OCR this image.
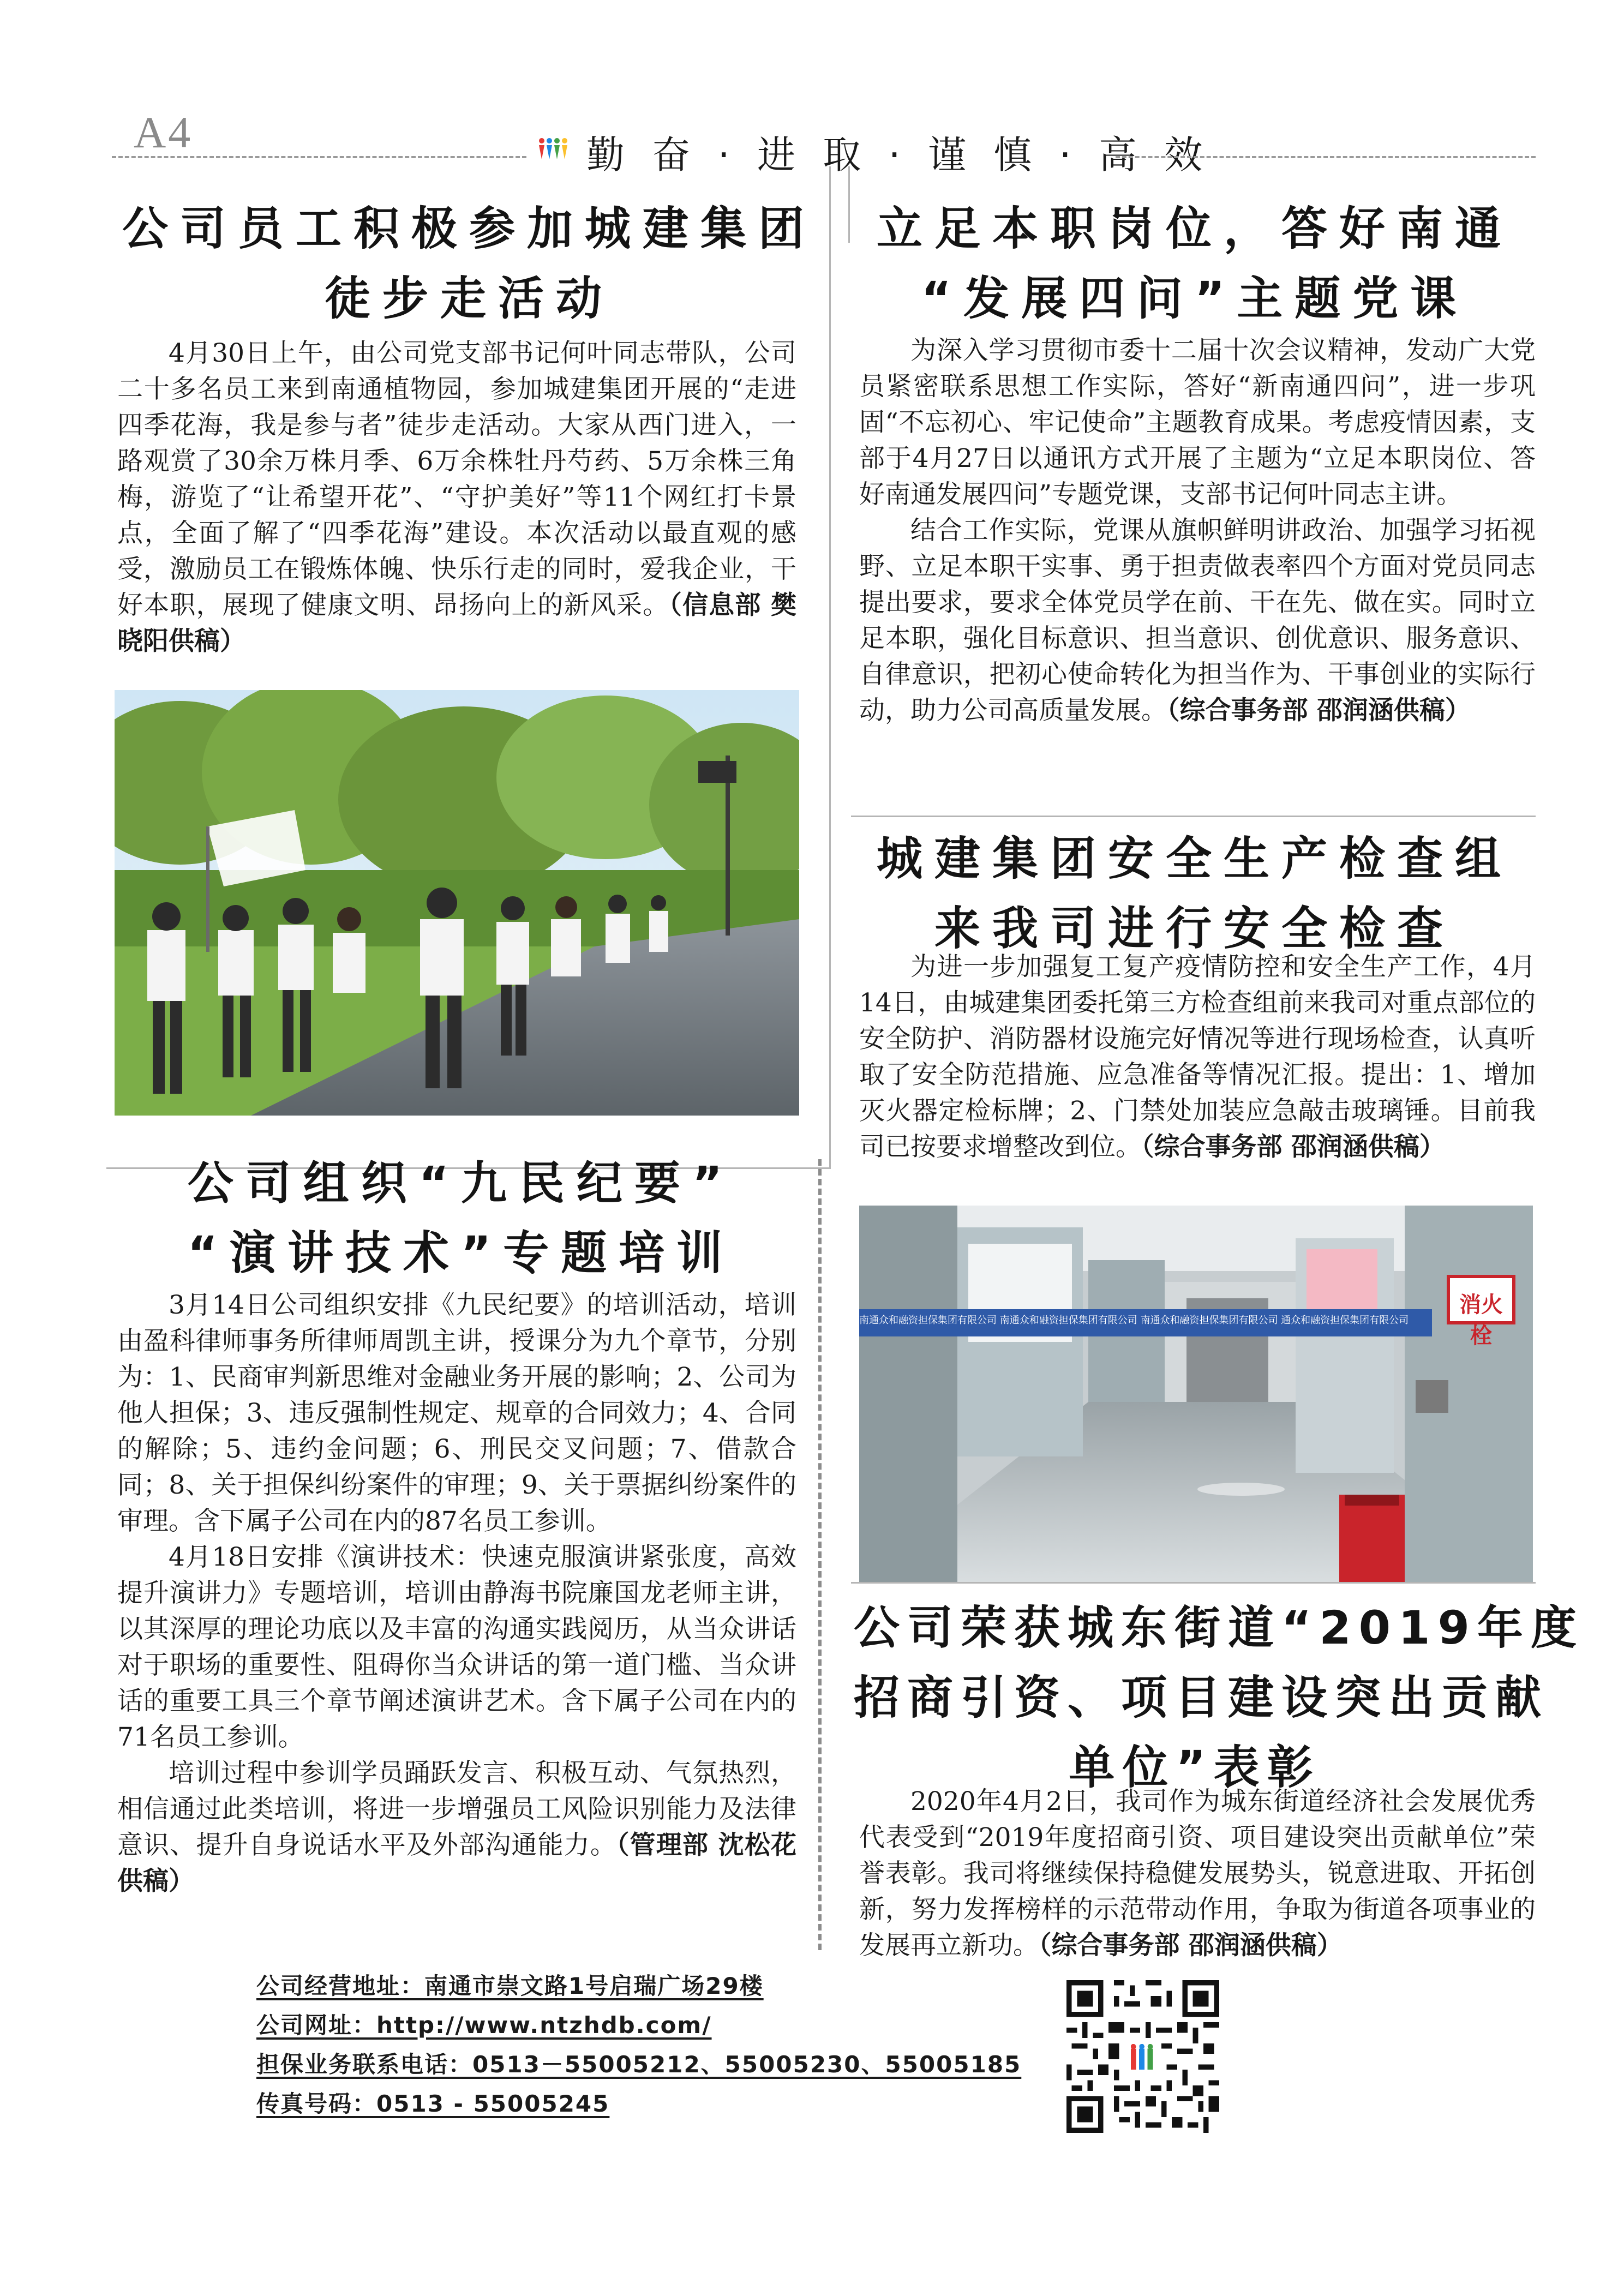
A4	勤 奋 · 进 取 · 谨 慎 · 高 效
公司员工积极参加城建集团
徒步走活动

4月30日上午，由公司党支部书记何叶同志带队，公司二十多名员工来到南通植物园，参加城建集团开展的“走进四季花海，我是参与者”徒步走活动。大家从西门进入，一路观赏了30余万株月季、6万余株牡丹芍药、5万余株三角梅，游览了“让希望开花”、“守护美好”等11个网红打卡景点，全面了解了“四季花海”建设。本次活动以最直观的感受，激励员工在锻炼体魄、快乐行走的同时，爱我企业，干好本职，展现了健康文明、昂扬向上的新风采。（信息部 樊晓阳供稿）

公司组织“九民纪要”
“演讲技术”专题培训

3月14日公司组织安排《九民纪要》的培训活动，培训由盈科律师事务所律师周凯主讲，授课分为九个章节，分别为：1、民商审判新思维对金融业务开展的影响；2、公司为他人担保；3、违反强制性规定、规章的合同效力；4、合同的解除；5、违约金问题；6、刑民交叉问题；7、借款合同；8、关于担保纠纷案件的审理；9、关于票据纠纷案件的审理。含下属子公司在内的87名员工参训。

4月18日安排《演讲技术：快速克服演讲紧张度，高效提升演讲力》专题培训，培训由静海书院廉国龙老师主讲，以其深厚的理论功底以及丰富的沟通实践阅历，从当众讲话对于职场的重要性、阻碍你当众讲话的第一道门槛、当众讲话的重要工具三个章节阐述演讲艺术。含下属子公司在内的71名员工参训。

培训过程中参训学员踊跃发言、积极互动、气氛热烈，相信通过此类培训，将进一步增强员工风险识别能力及法律意识、提升自身说话水平及外部沟通能力。（管理部 沈松花供稿）

立足本职岗位，答好南通
“发展四问”主题党课

为深入学习贯彻市委十二届十次会议精神，发动广大党员紧密联系思想工作实际，答好“新南通四问”，进一步巩固“不忘初心、牢记使命”主题教育成果。考虑疫情因素，支部于4月27日以通讯方式开展了主题为“立足本职岗位、答好南通发展四问”专题党课，支部书记何叶同志主讲。

结合工作实际，党课从旗帜鲜明讲政治、加强学习拓视野、立足本职干实事、勇于担责做表率四个方面对党员同志提出要求，要求全体党员学在前、干在先、做在实。同时立足本职，强化目标意识、担当意识、创优意识、服务意识、自律意识，把初心使命转化为担当作为、干事创业的实际行动，助力公司高质量发展。（综合事务部 邵润涵供稿）

城建集团安全生产检查组
来我司进行安全检查

为进一步加强复工复产疫情防控和安全生产工作，4月14日，由城建集团委托第三方检查组前来我司对重点部位的安全防护、消防器材设施完好情况等进行现场检查，认真听取了安全防范措施、应急准备等情况汇报。提出：1、增加灭火器定检标牌；2、门禁处加装应急敲击玻璃锤。目前我司已按要求增整改到位。（综合事务部 邵润涵供稿）

南通众和融资担保集团有限公司 南通众和融资担保集团有限公司 南通众和融资担保集团有限公司 通众和融资担保集团有限公司
消火栓
公司荣获城东街道“2019年度
招商引资、项目建设突出贡献
单位”表彰

2020年4月2日，我司作为城东街道经济社会发展优秀代表受到“2019年度招商引资、项目建设突出贡献单位”荣誉表彰。我司将继续保持稳健发展势头，锐意进取、开拓创新，努力发挥榜样的示范带动作用，争取为街道各项事业的发展再立新功。（综合事务部 邵润涵供稿）

公司经营地址：南通市崇文路1号启瑞广场29楼
公司网址：http://www.ntzhdb.com/
担保业务联系电话：0513－55005212、55005230、55005185
传真号码：0513 - 55005245
